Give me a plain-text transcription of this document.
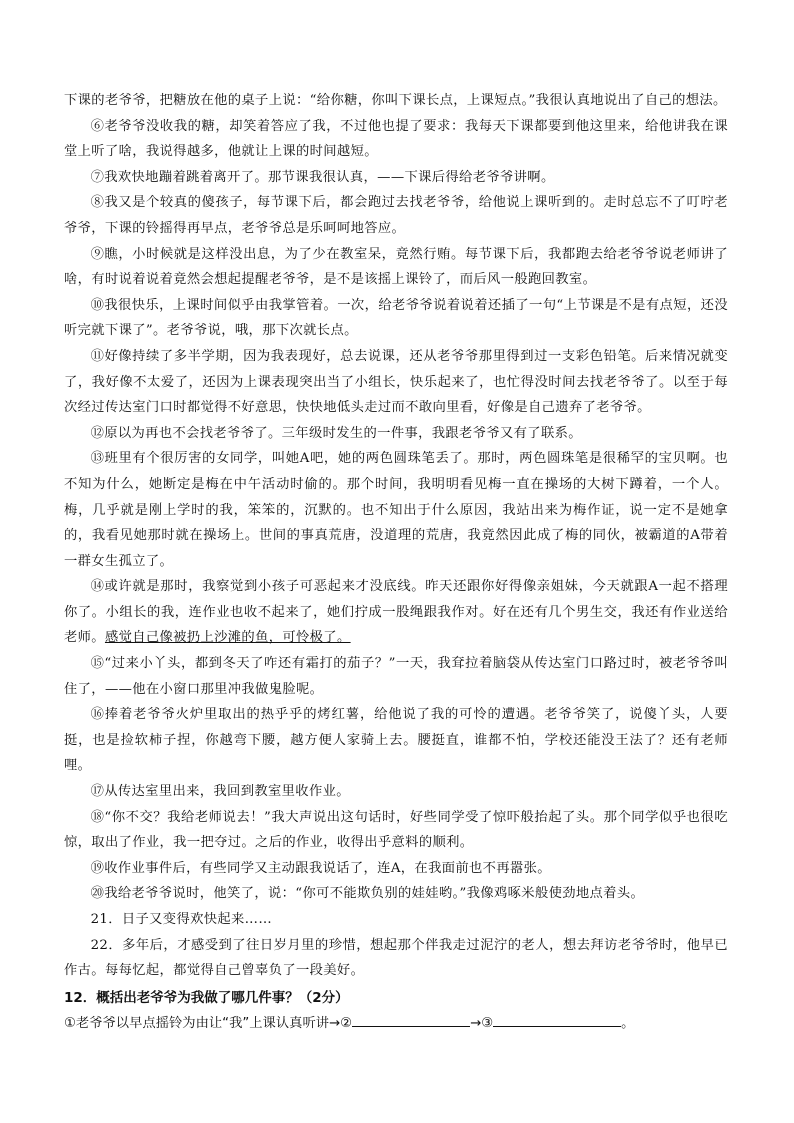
下课的老爷爷，把糖放在他的桌子上说：“给你糖，你叫下课长点，上课短点。”我很认真地说出了自己的想法。

⑥老爷爷没收我的糖，却笑着答应了我，不过他也提了要求：我每天下课都要到他这里来，给他讲我在课堂上听了啥，我说得越多，他就让上课的时间越短。

⑦我欢快地蹦着跳着离开了。那节课我很认真，——下课后得给老爷爷讲啊。

⑧我又是个较真的傻孩子，每节课下后，都会跑过去找老爷爷，给他说上课听到的。走时总忘不了叮咛老爷爷，下课的铃摇得再早点，老爷爷总是乐呵呵地答应。

⑨瞧，小时候就是这样没出息，为了少在教室呆，竟然行贿。每节课下后，我都跑去给老爷爷说老师讲了啥，有时说着说着竟然会想起提醒老爷爷，是不是该摇上课铃了，而后风一般跑回教室。

⑩我很快乐，上课时间似乎由我掌管着。一次，给老爷爷说着说着还插了一句“上节课是不是有点短，还没听完就下课了”。老爷爷说，哦，那下次就长点。

⑪好像持续了多半学期，因为我表现好，总去说课，还从老爷爷那里得到过一支彩色铅笔。后来情况就变了，我好像不太爱了，还因为上课表现突出当了小组长，快乐起来了，也忙得没时间去找老爷爷了。以至于每次经过传达室门口时都觉得不好意思，快快地低头走过而不敢向里看，好像是自己遗弃了老爷爷。

⑫原以为再也不会找老爷爷了。三年级时发生的一件事，我跟老爷爷又有了联系。

⑬班里有个很厉害的女同学，叫她A吧，她的两色圆珠笔丢了。那时，两色圆珠笔是很稀罕的宝贝啊。也不知为什么，她断定是梅在中午活动时偷的。那个时间，我明明看见梅一直在操场的大树下蹲着，一个人。梅，几乎就是刚上学时的我，笨笨的，沉默的。也不知出于什么原因，我站出来为梅作证，说一定不是她拿的，我看见她那时就在操场上。世间的事真荒唐，没道理的荒唐，我竟然因此成了梅的同伙，被霸道的A带着一群女生孤立了。

⑭或许就是那时，我察觉到小孩子可恶起来才没底线。昨天还跟你好得像亲姐妹，今天就跟A一起不搭理你了。小组长的我，连作业也收不起来了，她们拧成一股绳跟我作对。好在还有几个男生交，我还有作业送给老师。感觉自己像被扔上沙滩的鱼，可怜极了。

⑮“过来小丫头，都到冬天了咋还有霜打的茄子？”一天，我耷拉着脑袋从传达室门口路过时，被老爷爷叫住了，——他在小窗口那里冲我做鬼脸呢。

⑯捧着老爷爷火炉里取出的热乎乎的烤红薯，给他说了我的可怜的遭遇。老爷爷笑了，说傻丫头，人要挺，也是捡软柿子捏，你越弯下腰，越方便人家骑上去。腰挺直，谁都不怕，学校还能没王法了？还有老师哩。

⑰从传达室里出来，我回到教室里收作业。

⑱“你不交？我给老师说去！”我大声说出这句话时，好些同学受了惊吓般抬起了头。那个同学似乎也很吃惊，取出了作业，我一把夺过。之后的作业，收得出乎意料的顺利。

⑲收作业事件后，有些同学又主动跟我说话了，连A，在我面前也不再嚣张。

⑳我给老爷爷说时，他笑了，说：“你可不能欺负别的娃娃哟。”我像鸡啄米般使劲地点着头。

21．日子又变得欢快起来……

22．多年后，才感受到了往日岁月里的珍惜，想起那个伴我走过泥泞的老人，想去拜访老爷爷时，他早已作古。每每忆起，都觉得自己曾辜负了一段美好。

12．概括出老爷爷为我做了哪几件事？（2分）

①老爷爷以早点摇铃为由让“我”上课认真听讲→②	→③	。
